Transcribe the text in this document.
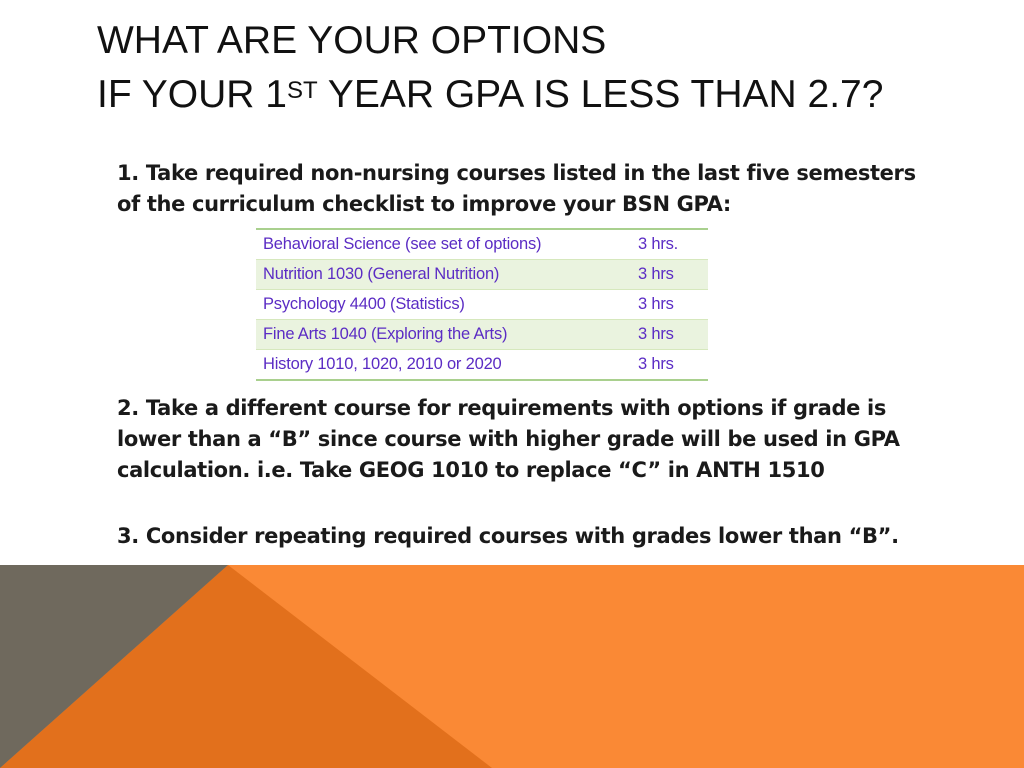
WHAT ARE YOUR OPTIONS
IF YOUR 1ST YEAR GPA IS LESS THAN 2.7?

1. Take required non-nursing courses listed in the last five semesters
of the curriculum checklist to improve your BSN GPA:

Behavioral Science (see set of options)	3 hrs.
Nutrition 1030 (General Nutrition)	3 hrs
Psychology 4400 (Statistics)	3 hrs
Fine Arts 1040 (Exploring the Arts)	3 hrs
History 1010, 1020, 2010 or 2020	3 hrs

2. Take a different course for requirements with options if grade is
lower than a “B” since course with higher grade will be used in GPA
calculation. i.e. Take GEOG 1010 to replace “C” in ANTH 1510

3. Consider repeating required courses with grades lower than “B”.
